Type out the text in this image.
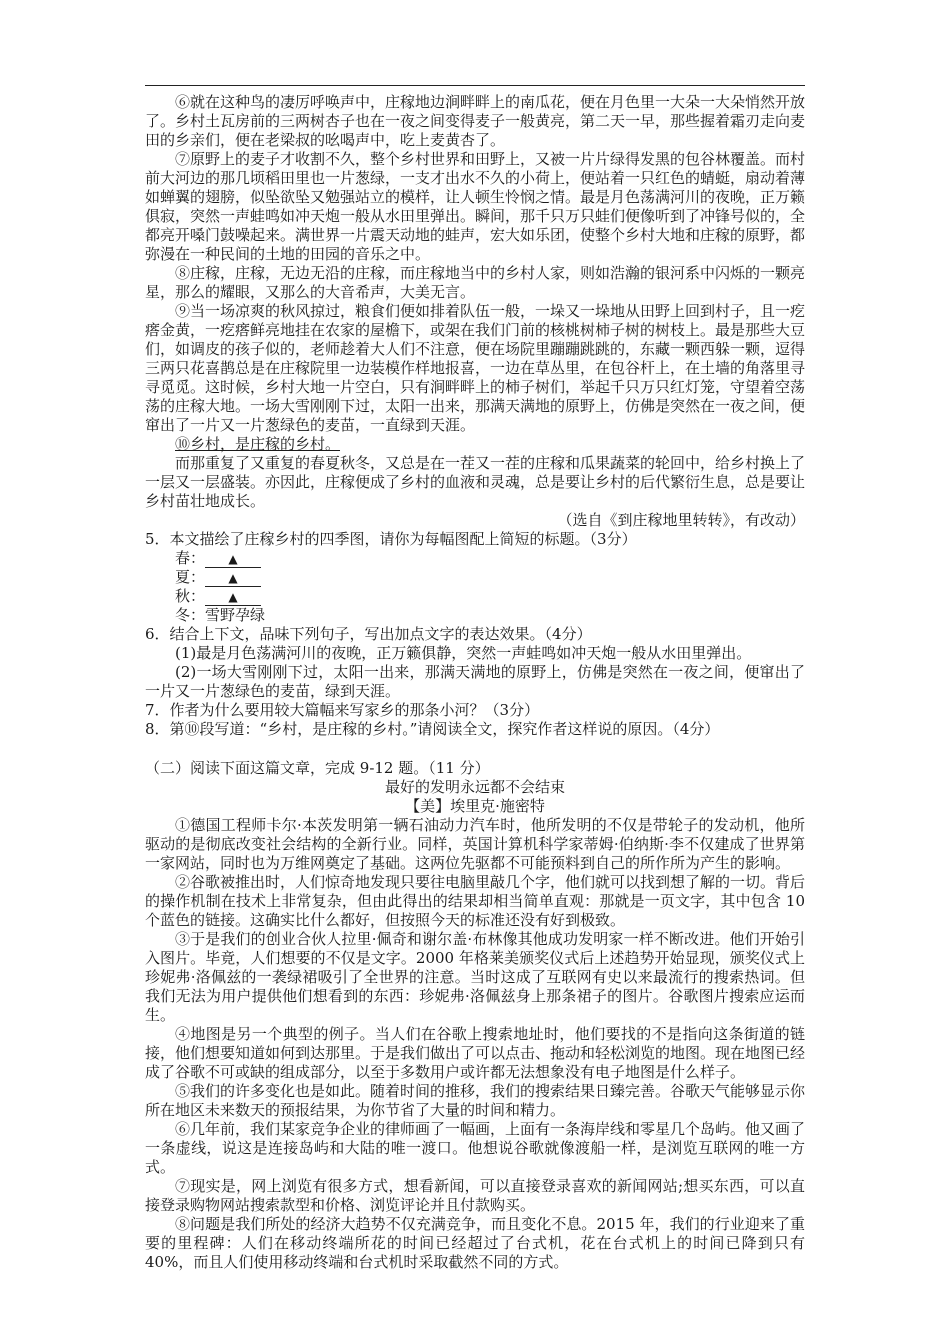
⑥就在这种鸟的凄厉呼唤声中，庄稼地边涧畔畔上的南瓜花，便在月色里一大朵一大朵悄然开放了。乡村土瓦房前的三两树杏子也在一夜之间变得麦子一般黄亮，第二天一早，那些握着霜刃走向麦田的乡亲们，便在老梁叔的吆喝声中，吃上麦黄杏了。

⑦原野上的麦子才收割不久，整个乡村世界和田野上，又被一片片绿得发黑的包谷林覆盖。而村前大河边的那几顷稻田里也一片葱绿，一支才出水不久的小荷上，便站着一只红色的蜻蜓，扇动着薄如蝉翼的翅膀，似坠欲坠又勉强站立的模样，让人顿生怜悯之情。最是月色荡满河川的夜晚，正万籁俱寂，突然一声蛙鸣如冲天炮一般从水田里弹出。瞬间，那千只万只蛙们便像听到了冲锋号似的，全都亮开嗓门鼓噪起来。满世界一片震天动地的蛙声，宏大如乐团，使整个乡村大地和庄稼的原野，都弥漫在一种民间的土地的田园的音乐之中。

⑧庄稼，庄稼，无边无沿的庄稼，而庄稼地当中的乡村人家，则如浩瀚的银河系中闪烁的一颗亮星，那么的耀眼，又那么的大音希声，大美无言。

⑨当一场凉爽的秋风掠过，粮食们便如排着队伍一般，一垛又一垛地从田野上回到村子，且一疙瘩金黄，一疙瘩鲜亮地挂在农家的屋檐下，或架在我们门前的核桃树柿子树的树枝上。最是那些大豆们，如调皮的孩子似的，老师趁着大人们不注意，便在场院里蹦蹦跳跳的，东藏一颗西躲一颗，逗得三两只花喜鹊总是在庄稼院里一边装模作样地报喜，一边在草丛里，在包谷杆上，在土墙的角落里寻寻觅觅。这时候，乡村大地一片空白，只有涧畔畔上的柿子树们，举起千只万只红灯笼，守望着空荡荡的庄稼大地。一场大雪刚刚下过，太阳一出来，那满天满地的原野上，仿佛是突然在一夜之间，便窜出了一片又一片葱绿色的麦苗，一直绿到天涯。

⑩乡村，是庄稼的乡村。

而那重复了又重复的春夏秋冬，又总是在一茬又一茬的庄稼和瓜果蔬菜的轮回中，给乡村换上了一层又一层盛装。亦因此，庄稼便成了乡村的血液和灵魂，总是要让乡村的后代繁衍生息，总是要让乡村苗壮地成长。

（选自《到庄稼地里转转》，有改动）

5．本文描绘了庄稼乡村的四季图，请你为每幅图配上简短的标题。（3分）

春： ▲

夏： ▲

秋： ▲

冬：雪野孕绿

6．结合上下文，品味下列句子，写出加点文字的表达效果。（4分）

(1)最是月色荡满河川的夜晚，正万籁俱静，突然一声蛙鸣如冲天炮一般从水田里弹出。

(2)一场大雪刚刚下过，太阳一出来，那满天满地的原野上，仿佛是突然在一夜之间，便窜出了一片又一片葱绿色的麦苗，绿到天涯。

7．作者为什么要用较大篇幅来写家乡的那条小河？（3分）

8．第⑩段写道：“乡村，是庄稼的乡村。”请阅读全文，探究作者这样说的原因。（4分）

（二）阅读下面这篇文章，完成 9-12 题。（11 分）

最好的发明永远都不会结束

【美】埃里克·施密特

①德国工程师卡尔·本茨发明第一辆石油动力汽车时，他所发明的不仅是带轮子的发动机，他所驱动的是彻底改变社会结构的全新行业。同样，英国计算机科学家蒂姆·伯纳斯·李不仅建成了世界第一家网站，同时也为万维网奠定了基础。这两位先驱都不可能预料到自己的所作所为产生的影响。

②谷歌被推出时，人们惊奇地发现只要往电脑里敲几个字，他们就可以找到想了解的一切。背后的操作机制在技术上非常复杂，但由此得出的结果却相当简单直观：那就是一页文字，其中包含 10 个蓝色的链接。这确实比什么都好，但按照今天的标准还没有好到极致。

③于是我们的创业合伙人拉里·佩奇和谢尔盖·布林像其他成功发明家一样不断改进。他们开始引入图片。毕竟，人们想要的不仅是文字。2000 年格莱美颁奖仪式后上述趋势开始显现，颁奖仪式上珍妮弗·洛佩兹的一袭绿裙吸引了全世界的注意。当时这成了互联网有史以来最流行的搜索热词。但我们无法为用户提供他们想看到的东西：珍妮弗·洛佩兹身上那条裙子的图片。谷歌图片搜索应运而生。

④地图是另一个典型的例子。当人们在谷歌上搜索地址时，他们要找的不是指向这条街道的链接，他们想要知道如何到达那里。于是我们做出了可以点击、拖动和轻松浏览的地图。现在地图已经成了谷歌不可或缺的组成部分，以至于多数用户或许都无法想象没有电子地图是什么样子。

⑤我们的许多变化也是如此。随着时间的推移，我们的搜索结果日臻完善。谷歌天气能够显示你所在地区未来数天的预报结果，为你节省了大量的时间和精力。

⑥几年前，我们某家竞争企业的律师画了一幅画，上面有一条海岸线和零星几个岛屿。他又画了一条虚线，说这是连接岛屿和大陆的唯一渡口。他想说谷歌就像渡船一样，是浏览互联网的唯一方式。

⑦现实是，网上浏览有很多方式，想看新闻，可以直接登录喜欢的新闻网站;想买东西，可以直接登录购物网站搜索款型和价格、浏览评论并且付款购买。

⑧问题是我们所处的经济大趋势不仅充满竞争，而且变化不息。2015 年，我们的行业迎来了重要的里程碑：人们在移动终端所花的时间已经超过了台式机，花在台式机上的时间已降到只有 40%，而且人们使用移动终端和台式机时采取截然不同的方式。
